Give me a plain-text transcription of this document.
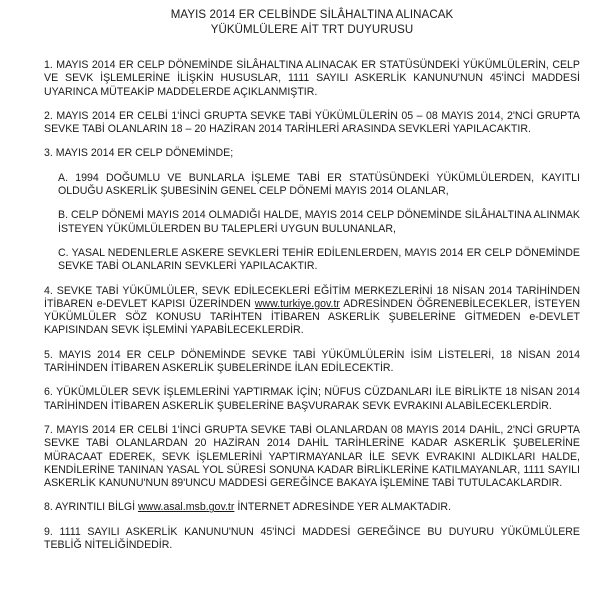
MAYIS 2014 ER CELBİNDE SİLÂHALTINA ALINACAK
YÜKÜMLÜLERE AİT TRT DUYURUSU

1. MAYIS 2014 ER CELP DÖNEMİNDE SİLÂHALTINA ALINACAK ER STATÜSÜNDEKİ YÜKÜMLÜLERİN, CELP VE SEVK İŞLEMLERİNE İLİŞKİN HUSUSLAR, 1111 SAYILI ASKERLİK KANUNU'NUN 45'İNCİ MADDESİ UYARINCA MÜTEAKİP MADDELERDE AÇIKLANMIŞTIR.

2. MAYIS 2014 ER CELBİ 1'İNCİ GRUPTA SEVKE TABİ YÜKÜMLÜLERİN 05 – 08 MAYIS 2014, 2'NCİ GRUPTA SEVKE TABİ OLANLARIN 18 – 20 HAZİRAN 2014 TARİHLERİ ARASINDA SEVKLERİ YAPILACAKTIR.

3. MAYIS 2014 ER CELP DÖNEMİNDE;

A. 1994 DOĞUMLU VE BUNLARLA İŞLEME TABİ ER STATÜSÜNDEKİ YÜKÜMLÜLERDEN, KAYITLI OLDUĞU ASKERLİK ŞUBESİNİN GENEL CELP DÖNEMİ MAYIS 2014 OLANLAR,

B. CELP DÖNEMİ MAYIS 2014 OLMADIĞI HALDE, MAYIS 2014 CELP DÖNEMİNDE SİLÂHALTINA ALINMAK İSTEYEN YÜKÜMLÜLERDEN BU TALEPLERİ UYGUN BULUNANLAR,

C. YASAL NEDENLERLE ASKERE SEVKLERİ TEHİR EDİLENLERDEN, MAYIS 2014 ER CELP DÖNEMİNDE SEVKE TABİ OLANLARIN SEVKLERİ YAPILACAKTIR.

4. SEVKE TABİ YÜKÜMLÜLER, SEVK EDİLECEKLERİ EĞİTİM MERKEZLERİNİ 18 NİSAN 2014 TARİHİNDEN İTİBAREN e-DEVLET KAPISI ÜZERİNDEN www.turkiye.gov.tr ADRESİNDEN ÖĞRENEBİLECEKLER, İSTEYEN YÜKÜMLÜLER SÖZ KONUSU TARİHTEN İTİBAREN ASKERLİK ŞUBELERİNE GİTMEDEN e-DEVLET KAPISINDAN SEVK İŞLEMİNİ YAPABİLECEKLERDİR.

5. MAYIS 2014 ER CELP DÖNEMİNDE SEVKE TABİ YÜKÜMLÜLERİN İSİM LİSTELERİ, 18 NİSAN 2014 TARİHİNDEN İTİBAREN ASKERLİK ŞUBELERİNDE İLAN EDİLECEKTİR.

6. YÜKÜMLÜLER SEVK İŞLEMLERİNİ YAPTIRMAK İÇİN; NÜFUS CÜZDANLARI İLE BİRLİKTE 18 NİSAN 2014 TARİHİNDEN İTİBAREN ASKERLİK ŞUBELERİNE BAŞVURARAK SEVK EVRAKINI ALABİLECEKLERDİR.

7. MAYIS 2014 ER CELBİ 1'İNCİ GRUPTA SEVKE TABİ OLANLARDAN 08 MAYIS 2014 DAHİL, 2'NCİ GRUPTA SEVKE TABİ OLANLARDAN 20 HAZİRAN 2014 DAHİL TARİHLERİNE KADAR ASKERLİK ŞUBELERİNE MÜRACAAT EDEREK, SEVK İŞLEMLERİNİ YAPTIRMAYANLAR İLE SEVK EVRAKINI ALDIKLARI HALDE, KENDİLERİNE TANINAN YASAL YOL SÜRESİ SONUNA KADAR BİRLİKLERİNE KATILMAYANLAR, 1111 SAYILI ASKERLİK KANUNU'NUN 89'UNCU MADDESİ GEREĞİNCE BAKAYA İŞLEMİNE TABİ TUTULACAKLARDIR.

8. AYRINTILI BİLGİ www.asal.msb.gov.tr İNTERNET ADRESİNDE YER ALMAKTADIR.

9. 1111 SAYILI ASKERLİK KANUNU'NUN 45'İNCİ MADDESİ GEREĞİNCE BU DUYURU YÜKÜMLÜLERE TEBLİĞ NİTELİĞİNDEDİR.
